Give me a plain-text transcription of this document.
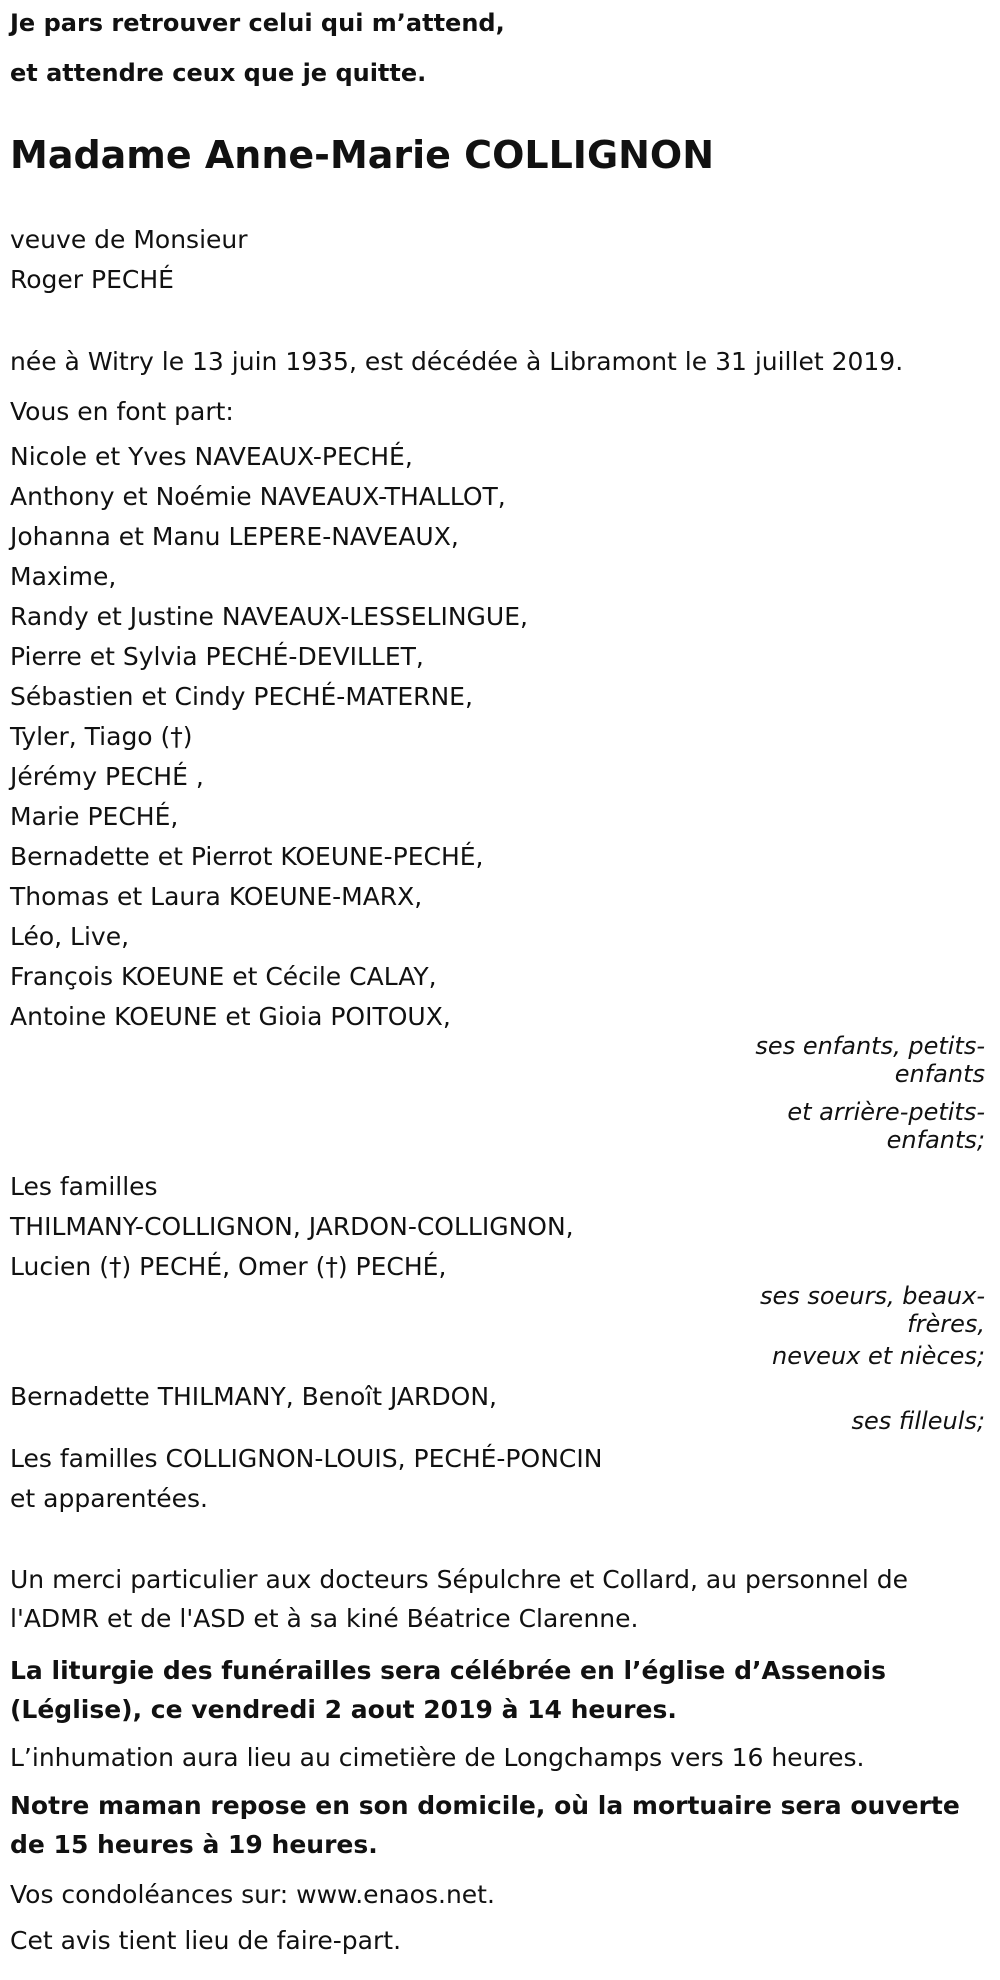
Je pars retrouver celui qui m’attend,
et attendre ceux que je quitte.
Madame Anne-Marie COLLIGNON
veuve de Monsieur
Roger PECHÉ
née à Witry le 13 juin 1935, est décédée à Libramont le 31 juillet 2019.
Vous en font part:
Nicole et Yves NAVEAUX-PECHÉ,
Anthony et Noémie NAVEAUX-THALLOT,
Johanna et Manu LEPERE-NAVEAUX,
Maxime,
Randy et Justine NAVEAUX-LESSELINGUE,
Pierre et Sylvia PECHÉ-DEVILLET,
Sébastien et Cindy PECHÉ-MATERNE,
Tyler, Tiago (†)
Jérémy PECHÉ ,
Marie PECHÉ,
Bernadette et Pierrot KOEUNE-PECHÉ,
Thomas et Laura KOEUNE-MARX,
Léo, Live,
François KOEUNE et Cécile CALAY,
Antoine KOEUNE et Gioia POITOUX,
ses enfants, petits-enfants
et arrière-petits-enfants;
Les familles
THILMANY-COLLIGNON, JARDON-COLLIGNON,
Lucien (†) PECHÉ, Omer (†) PECHÉ,
ses soeurs, beaux-frères,
neveux et nièces;
Bernadette THILMANY, Benoît JARDON,
ses filleuls;
Les familles COLLIGNON-LOUIS, PECHÉ-PONCIN
et apparentées.
Un merci particulier aux docteurs Sépulchre et Collard, au personnel de l'ADMR et de l'ASD et à sa kiné Béatrice Clarenne.
La liturgie des funérailles sera célébrée en l’église d’Assenois (Léglise), ce vendredi 2 aout 2019 à 14 heures.
L’inhumation aura lieu au cimetière de Longchamps vers 16 heures.
Notre maman repose en son domicile, où la mortuaire sera ouverte de 15 heures à 19 heures.
Vos condoléances sur: www.enaos.net.
Cet avis tient lieu de faire-part.
